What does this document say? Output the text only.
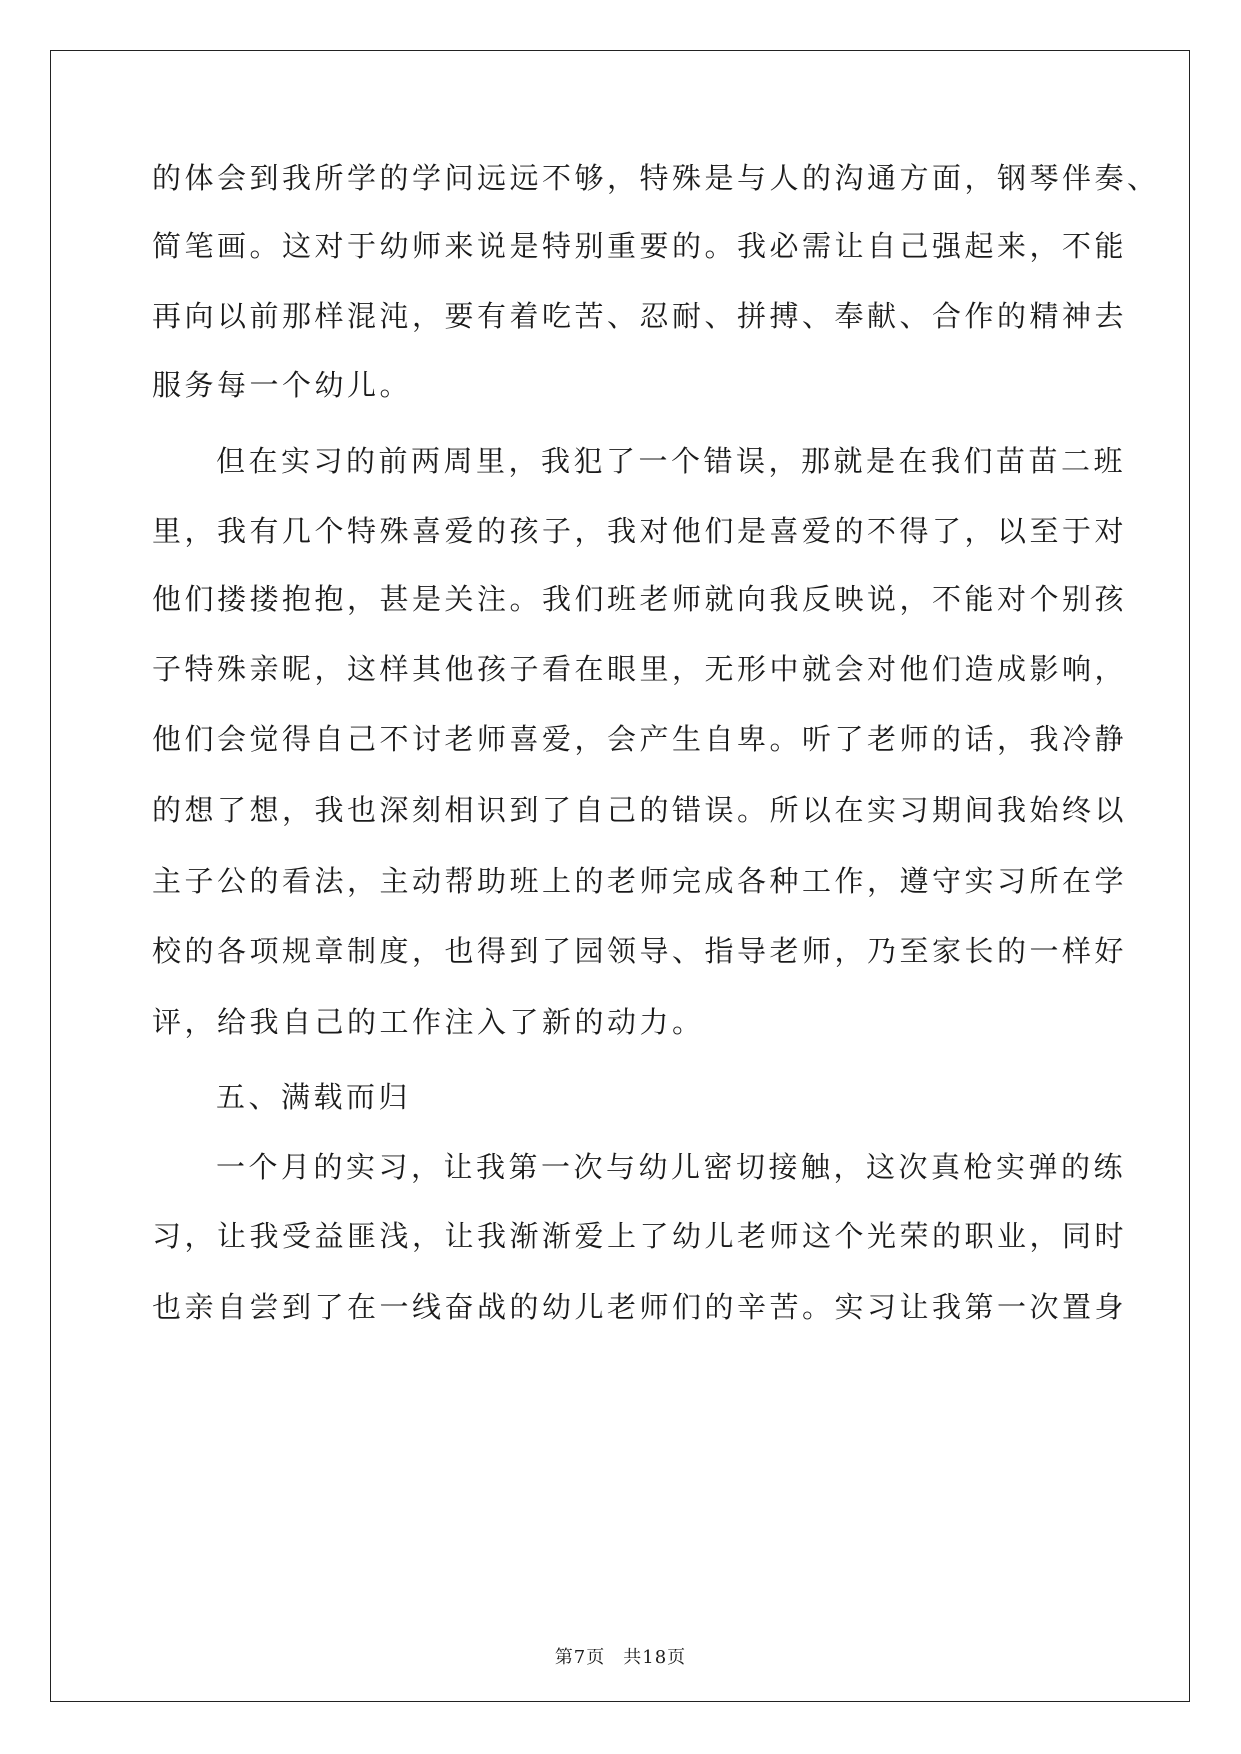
的体会到我所学的学问远远不够，特殊是与人的沟通方面，钢琴伴奏、
简笔画。这对于幼师来说是特别重要的。我必需让自己强起来，不能
再向以前那样混沌，要有着吃苦、忍耐、拼搏、奉献、合作的精神去
服务每一个幼儿。
但在实习的前两周里，我犯了一个错误，那就是在我们苗苗二班
里，我有几个特殊喜爱的孩子，我对他们是喜爱的不得了，以至于对
他们搂搂抱抱，甚是关注。我们班老师就向我反映说，不能对个别孩
子特殊亲昵，这样其他孩子看在眼里，无形中就会对他们造成影响，
他们会觉得自己不讨老师喜爱，会产生自卑。听了老师的话，我冷静
的想了想，我也深刻相识到了自己的错误。所以在实习期间我始终以
主子公的看法，主动帮助班上的老师完成各种工作，遵守实习所在学
校的各项规章制度，也得到了园领导、指导老师，乃至家长的一样好
评，给我自己的工作注入了新的动力。
五、满载而归
一个月的实习，让我第一次与幼儿密切接触，这次真枪实弹的练
习，让我受益匪浅，让我渐渐爱上了幼儿老师这个光荣的职业，同时
也亲自尝到了在一线奋战的幼儿老师们的辛苦。实习让我第一次置身
第7页 共18页
